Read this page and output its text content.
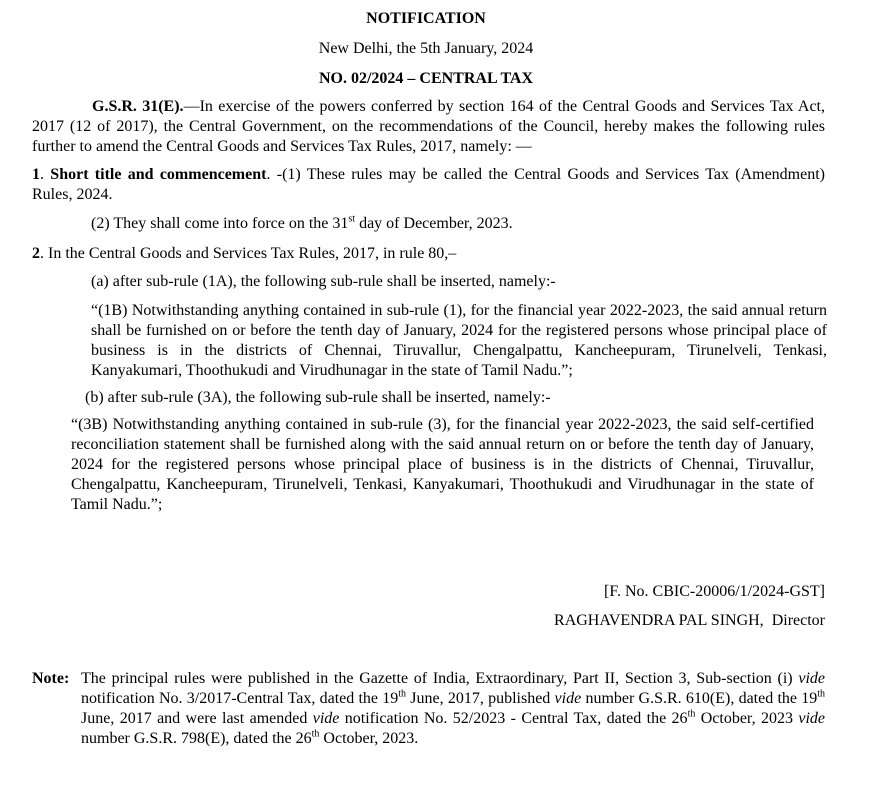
NOTIFICATION
New Delhi, the 5th January, 2024
NO. 02/2024 – CENTRAL TAX
G.S.R. 31(E).—In exercise of the powers conferred by section 164 of the Central Goods and Services Tax Act, 2017 (12 of 2017), the Central Government, on the recommendations of the Council, hereby makes the following rules further to amend the Central Goods and Services Tax Rules, 2017, namely: —
1. Short title and commencement. -(1) These rules may be called the Central Goods and Services Tax (Amendment) Rules, 2024.
(2) They shall come into force on the 31st day of December, 2023.
2. In the Central Goods and Services Tax Rules, 2017, in rule 80,–
(a) after sub-rule (1A), the following sub-rule shall be inserted, namely:-
“(1B) Notwithstanding anything contained in sub-rule (1), for the financial year 2022-2023, the said annual return shall be furnished on or before the tenth day of January, 2024 for the registered persons whose principal place of business is in the districts of Chennai, Tiruvallur, Chengalpattu, Kancheepuram, Tirunelveli, Tenkasi, Kanyakumari, Thoothukudi and Virudhunagar in the state of Tamil Nadu.”;
(b) after sub-rule (3A), the following sub-rule shall be inserted, namely:-
“(3B) Notwithstanding anything contained in sub-rule (3), for the financial year 2022-2023, the said self-certified reconciliation statement shall be furnished along with the said annual return on or before the tenth day of January, 2024 for the registered persons whose principal place of business is in the districts of Chennai, Tiruvallur, Chengalpattu, Kancheepuram, Tirunelveli, Tenkasi, Kanyakumari, Thoothukudi and Virudhunagar in the state of Tamil Nadu.”;
[F. No. CBIC-20006/1/2024-GST]
RAGHAVENDRA PAL SINGH, Director
Note: The principal rules were published in the Gazette of India, Extraordinary, Part II, Section 3, Sub-section (i) vide notification No. 3/2017-Central Tax, dated the 19th June, 2017, published vide number G.S.R. 610(E), dated the 19th June, 2017 and were last amended vide notification No. 52/2023 - Central Tax, dated the 26th October, 2023 vide number G.S.R. 798(E), dated the 26th October, 2023.
